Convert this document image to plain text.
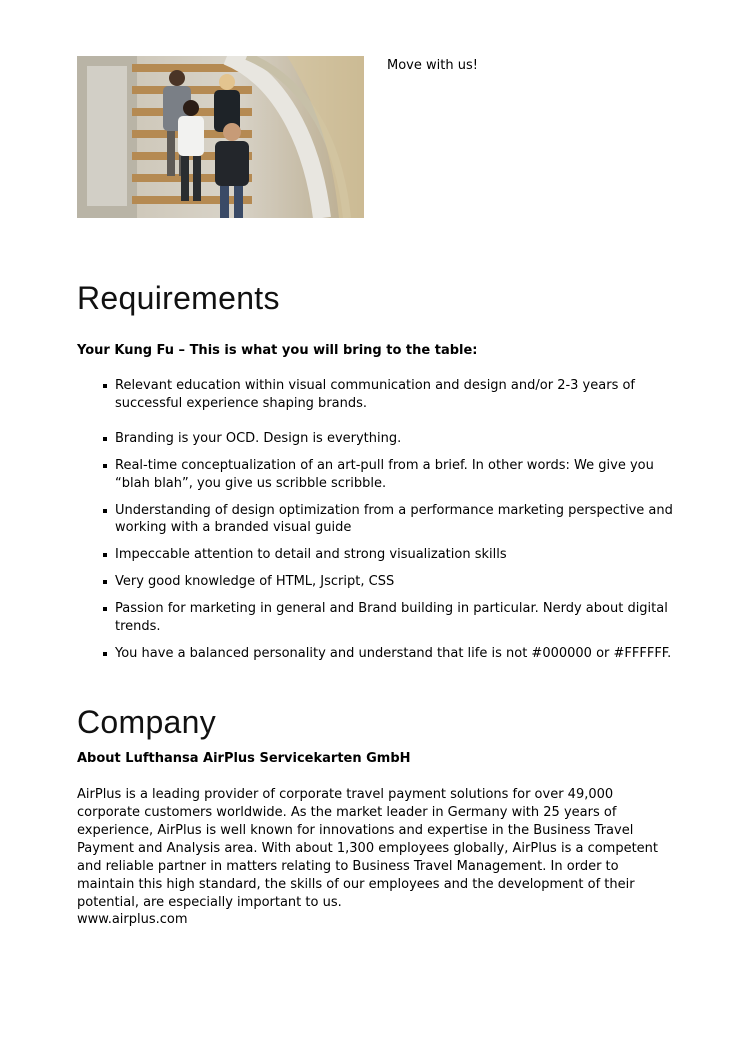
Move with us!
Requirements

Your Kung Fu – This is what you will bring to the table:

Relevant education within visual communication and design and/or 2-3 years of successful experience shaping brands.
Branding is your OCD. Design is everything.
Real-time conceptualization of an art-pull from a brief. In other words: We give you “blah blah”, you give us scribble scribble.
Understanding of design optimization from a performance marketing perspective and working with a branded visual guide
Impeccable attention to detail and strong visualization skills
Very good knowledge of HTML, Jscript, CSS
Passion for marketing in general and Brand building in particular. Nerdy about digital trends.
You have a balanced personality and understand that life is not #000000 or #FFFFFF.
Company

About Lufthansa AirPlus Servicekarten GmbH

AirPlus is a leading provider of corporate travel payment solutions for over 49,000 corporate customers worldwide. As the market leader in Germany with 25 years of experience, AirPlus is well known for innovations and expertise in the Business Travel Payment and Analysis area. With about 1,300 employees globally, AirPlus is a competent and reliable partner in matters relating to Business Travel Management. In order to maintain this high standard, the skills of our employees and the development of their potential, are especially important to us.

www.airplus.com
